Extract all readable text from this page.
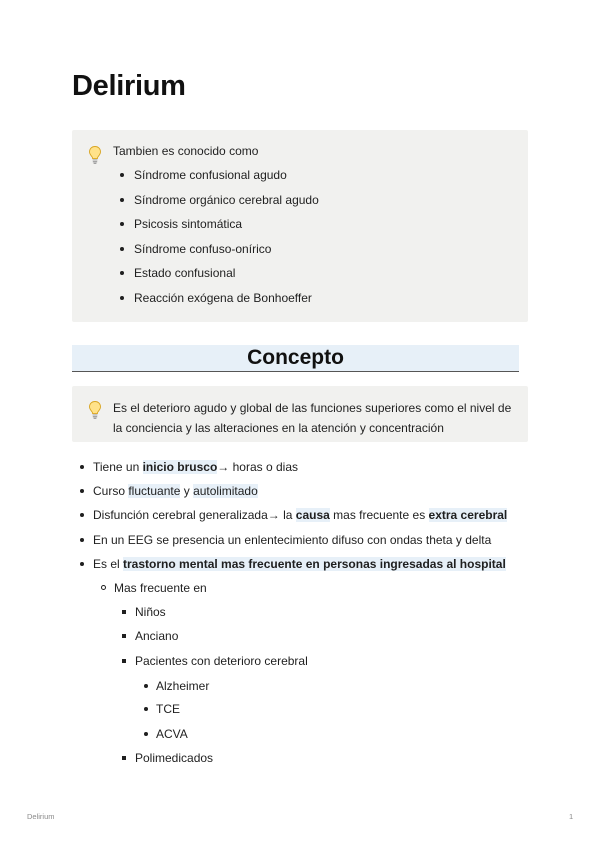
Delirium
Tambien es conocido como
Síndrome confusional agudo
Síndrome orgánico cerebral agudo
Psicosis sintomática
Síndrome confuso-onírico
Estado confusional
Reacción exógena de Bonhoeffer
Concepto
Es el deterioro agudo y global de las funciones superiores como el nivel de la conciencia y las alteraciones en la atención y concentración
Tiene un inicio brusco→ horas o dias
Curso fluctuante y autolimitado
Disfunción cerebral generalizada→ la causa mas frecuente es extra cerebral
En un EEG se presencia un enlentecimiento difuso con ondas theta y delta
Es el trastorno mental mas frecuente en personas ingresadas al hospital
Mas frecuente en
Niños
Anciano
Pacientes con deterioro cerebral
Alzheimer
TCE
ACVA
Polimedicados
Delirium	1
